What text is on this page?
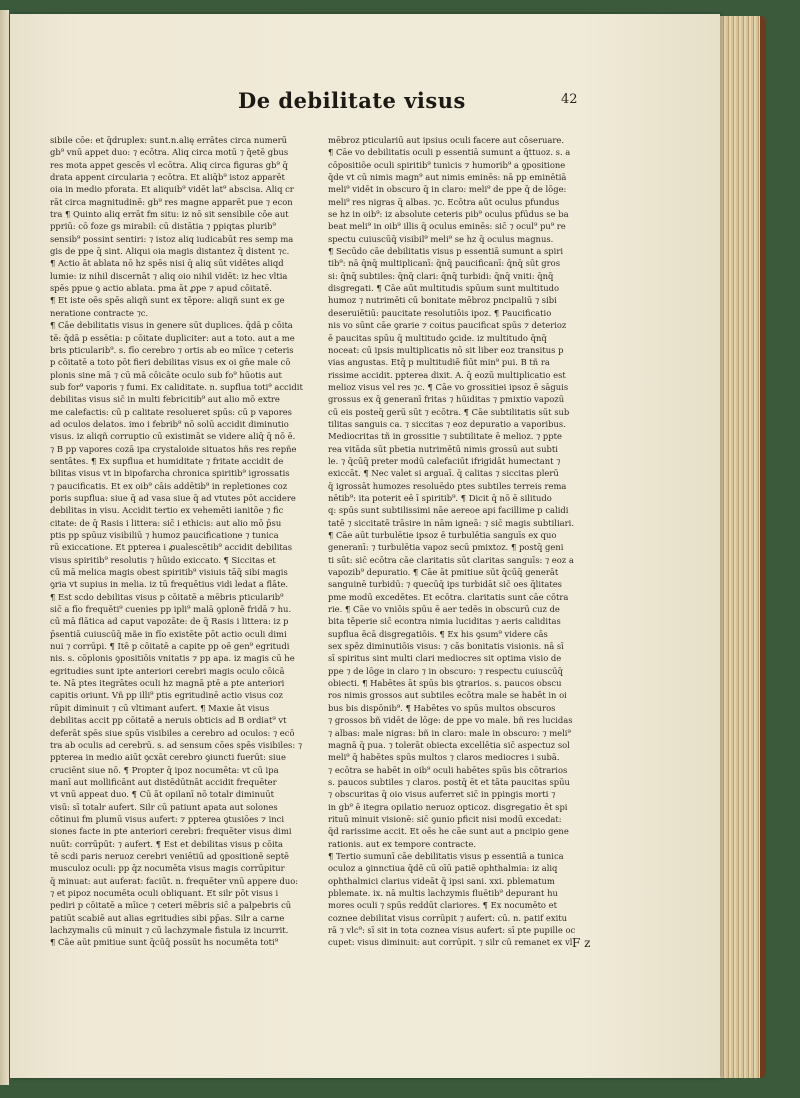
De debilitate visus	42
sibile cōe: et q̄druplex: sunt.n.alię errātes circa numerū
gb⁹ vnū appet duo: ⁊ ecōtra. Aliq circa motū ⁊ q̄etē gbus
res mota appet gescēs vl ecōtra. Aliq circa figuras gb⁹ q̄
drata appent circularia ⁊ ecōtra. Et aliq̄b⁹ istoz apparēt
oia in medio pforata. Et aliquib⁹ vidēt lat⁹ abscisa. Aliq cr
rāt circa magnitudinē: gb⁹ res magne apparēt pue ⁊ econ
tra ¶ Quinto aliq errāt fm situ: iz nō sit sensibile cōe aut
ppriū: cō foze gs mirabil: cū distātia ⁊ ppiqtas plurib⁹
sensib⁹ possint sentiri: ⁊ istoz aliq iudicabūt res semp ma
gis de ppe q̄ sint. Aliqui oia magis distantez q̄ distent ⁊c.
¶ Actio āt ablata nō hz spēs nisi q̄ aliq sūt vidētes aliqd
lumie: iz nihil discernāt ⁊ aliq oio nihil vidēt: iz hec vltia
spēs ppue ꝯ actio ablata. pma āt ꝓpe ⁊ apud cōitatē.
¶ Et iste oēs spēs aliqñ sunt ex tēpore: aliqñ sunt ex ge
neratione contracte ⁊c.
¶ Cāe debilitatis visus in genere sūt duplices. q̄dā p cōita
tē: q̄dā p essētia: p cōitate dupliciter: aut a toto. aut a me
bris pticularib⁹. s. fīo cerebro ⁊ ortis ab eo mīice ⁊ ceteris
p cōitatē a toto pōt fieri debilitas visus ex oi gn̄e male cō
plonis sine mā ⁊ cū mā cōicāte oculo sub fo⁹ hūotis aut
sub for⁹ vaporis ⁊ fumi. Ex caliditate. n. supflua toti⁹ accidit
debilitas visus sic̄ in multi febricitib⁹ aut alio mō extre
me calefactis: cū p calitate resolueret spūs: cū p vapores
ad oculos delatos. imo i febrib⁹ nō solū accidit diminutio
visus. iz aliqñ corruptio cū existimāt se videre aliq̄ q̄ nō ē.
⁊ B pp vapores cozā ipa crystaloide situatos hñs res repñe
sentātes. ¶ Ex supflua et humiditate ⁊ fritate accidit de
bilitas visus vt in bipofarcha chronica spiritib⁹ igrossatis
⁊ paucificatis. Et ex oib⁹ cāis addētib⁹ in repletiones coz
poris supflua: siue q̄ ad vasa siue q̄ ad vtutes pōt accidere
debilitas in visu. Accidit tertio ex vehemēti ianitōe ⁊ fic
citate: de q̄ Rasis i littera: sic̄ i ethicis: aut alio mō p̄su
ptis pp spūuz visibiliū ⁊ humoz paucificatione ⁊ tunica
rū exiccatione. Et ppterea i ꝓualescētib⁹ accidit debilitas
visus spiritib⁹ resolutis ⁊ hūido exiccato. ¶ Siccitas et
cū mā melica magis obest spiritib⁹ visiuis tāq̄ sibi magis
ꝯria vt supius in melia. iz tū frequētius vidi ledat a flāte.
¶ Est scdo debilitas visus p cōitatē a mēbris pticularib⁹
sic̄ a fīo frequēti⁹ cuenies pp ipli⁹ malā ꝯplonē fridā ⁊ hu.
cū mā flātica ad caput vapozāte: de q̄ Rasis i littera: iz p
p̄sentiā cuiuscūq̄ mãe in fīo existēte pōt actio oculi dimi
nui ⁊ corrūpi. ¶ Itē p cōitatē a capite pp oē gen⁹ egritudi
nis. s. cōplonis ꝯpositiōis vnitatis ⁊ pp apa. iz magis cū he
egritudies sunt ipte anteriori cerebri magis oculo cōicā
te. Nā ptes itegrātes oculi hz magnā ptē a pte anteriori
capitis oriunt. Vñ pp illi⁹ ptis egritudinē actio visus coz
rūpit diminuit ⁊ cū vltimant aufert. ¶ Maxie āt visus
debilitas accit pp cōitatē a neruis obticis ad B ordiat⁹ vt
deferāt spēs siue spūs visibiles a cerebro ad oculos: ⁊ ecō
tra ab oculis ad cerebrū. s. ad sensum cōes spēs visibiles: ⁊
ppterea in medio aiūt ꝯcxāt cerebro ꝯiuncti fuerūt: siue
cruciēnt siue nō. ¶ Propter q̄ ipoz nocumēta: vt cū ipa
manī aut mollificānt aut distēdūtnāt accidit frequēter
vt vnū appeat duo. ¶ Cū āt opilanī nō totalr diminuūt
visū: sī totalr aufert. Silr cū patiunt apata aut solones
cōtinui fm plumū visus aufert: ⁊ ppterea ꝯtusiōes ⁊ inci
siones facte in pte anteriori cerebri: frequēter visus dimi
nuūt: corrūpūt: ⁊ aufert. ¶ Est et debilitas visus p cōita
tē scdi paris neruoz cerebri veniētiū ad ꝯpositionē septē
musculoz oculi: pp q̄z nocumēta visus magis corrūpitur
q̄ minuat: aut auferat: faciūt. n. frequēter vnū appere duo:
⁊ et pipoz nocumēta oculi obliquant. Et silr pōt visus i
pediri p cōitatē a mīice ⁊ ceteri mēbris sic̄ a palpebris cū
patiūt scabiē aut alias egritudies sibi pp̄as. Silr a carne
lachzymalis cū minuit ⁊ cū lachzymale fistula iz incurrit.
¶ Cāe aūt pmitiue sunt q̄cūq̄ possūt hs nocumēta toti⁹
mēbroz pticulariū aut ipsius oculi facere aut cōseruare.
¶ Cāe vo debilitatis oculi p essentiā sumunt a q̄ttuoz. s. a
cōpositiōe oculi spiritib⁹ tunicis ⁊ humorib⁹ a ꝯpositione
q̄de vt cū nimis magn⁹ aut nimis eminēs: nā pp eminētiā
meli⁹ vidēt in obscuro q̄ in claro: meli⁹ de ppe q̄ de lōge:
meli⁹ res nigras q̄ albas. ⁊c. Ecōtra aūt oculus pfundus
se hz in oib⁹: iz absolute ceteris pib⁹ oculus pfūdus se ba
beat meli⁹ in oib⁹ illis q̄ oculus eminēs: sic̄ ⁊ ocul⁹ pu⁹ re
spectu cuiuscūq̄ visibil⁹ meli⁹ se hz q̄ oculus magnus.
¶ Secūdo cāe debilitatis visus p essentiā sumunt a spiri
tib⁹: nā q̄nq̄ multiplicanī: q̄nq̄ paucificanī: q̄nq̄ sūt gros
si: q̄nq̄ subtiles: q̄nq̄ clari: q̄nq̄ turbidi: q̄nq̄ vniti: q̄nq̄
disgregati. ¶ Cāe aūt multitudis spūum sunt multitudo
humoz ⁊ nutrimēti cū bonitate mēbroz pncipaliū ⁊ sibi
deseruiētiū: paucitate resolutiōis ipoz. ¶ Paucificatio
nis vo sūnt cāe ꝯrarie ⁊ coitus paucificat spūs ⁊ deterioz
ē paucitas spūu q̄ multitudo ꝯcide. iz multitudo q̄nq̄
noceat: cū ipsis multiplicatis nō sit liber eoz transitus p
vias angustas. Etq̄ p multitudiē fiūt min⁹ pui. B tñ ra
rissime accidit. ppterea dixit. A. q̄ eozū multiplicatio est
melioz visus vel res ⁊c. ¶ Cāe vo grossitiei ipsoz ē sāguis
grossus ex q̄ generanī fritas ⁊ hūiditas ⁊ pmixtio vapozū
cū eis posteq̄ gerū sūt ⁊ ecōtra. ¶ Cāe subtilitatis sūt sub
tilitas sanguis ca. ⁊ siccitas ⁊ eoz depuratio a vaporibus.
Mediocritas tñ in grossitie ⁊ subtilitate ē melioz. ⁊ ppte
rea vitāda sūt pbetia nutrimētū nimis grossū aut subti
le. ⁊ q̄cūq̄ preter modū calefaciūt ifrigidāt humectant ⁊
exiccāt. ¶ Nec valet si arguaī. q̄ calitas ⁊ siccitas plerū
q̄ igrossāt humozes resoluēdo ptes subtiles terreis rema
nētib⁹: ita poterit eē ī spiritib⁹. ¶ Dicit q̄ nō ē silitudo
q: spūs sunt subtilissimi nāe aereoe api facillime p calidi
tatē ⁊ siccitatē trāsire in nām igneā: ⁊ sic̄ magis subtiliari.
¶ Cāe aūt turbulētie ipsoz ē turbulētia sanguīs ex quo
generanī: ⁊ turbulētia vapoz secū pmixtoz. ¶ postq̄ geni
ti sūt: sic̄ ecōtra cāe claritatis sūt claritas sanguīs: ⁊ eoz a
vapozib⁹ depuratio. ¶ Cāe āt pmitiue sūt q̄cūq̄ generāt
sanguinē turbidū: ⁊ quecūq̄ ips turbidāt sic̄ oes q̄litates
pme modū excedētes. Et ecōtra. claritatis sunt cāe cōtra
rie. ¶ Cāe vo vniōis spūu ē aer tedēs in obscurū cuz de
bita tēperie sic̄ econtra nimia luciditas ⁊ aeris caliditas
supflua ēcā disgregatiōis. ¶ Ex his ꝯsum⁹ videre cās
sex spēz diminutiōis visus: ⁊ cās bonitatis visionis. nā sī
sī spiritus sint multi clari mediocres sit optima visio de
ppe ⁊ de lōge in claro ⁊ in obscuro: ⁊ respectu cuiuscūq̄
obiecti. ¶ Habētes āt spūs bis ꝯtrarios. s. paucos obscu
ros nimis grossos aut subtiles ecōtra male se habēt in oi
bus bis dispōnib⁹. ¶ Habētes vo spūs multos obscuros
⁊ grossos bñ vidēt de lōge: de ppe vo male. bñ res lucidas
⁊ albas: male nigras: bñ in claro: male in obscuro: ⁊ meli⁹
magnā q̄ pua. ⁊ tolerāt obiecta excellētia sic̄ aspectuz sol
meli⁹ q̄ habētes spūs multos ⁊ claros mediocres i subā.
⁊ ecōtra se habēt in oib⁹ oculi habētes spūs bis cōtrarios
s. paucos subtiles ⁊ claros. postq̄ ēt et tāta paucitas spūu
⁊ obscuritas q̄ oio visus auferret sic̄ in ppingis morti ⁊
in gb⁹ ē itegra opilatio neruoz opticoz. disgregatio ēt spi
rituū minuit visionē: sic̄ ꝯunio pficit nisi modū excedat:
q̄d rarissime accit. Et oēs he cāe sunt aut a pncipio gene
rationis. aut ex tempore contracte.
¶ Tertio sumunī cāe debilitatis visus p essentiā a tunica
oculoz a ꝯinnctiua q̄dē cū oīū patiē ophthalmia: iz aliq
ophthalmici clarius videāt q̄ ipsi sani. xxi. pblematum
pblemate. ix. nā multis lachzymis fluētib⁹ depurant hu
mores oculi ⁊ spūs reddūt clariores. ¶ Ex nocumēto et
coznee debilitat visus corrūpit ⁊ aufert: cū. n. patif exitu
rā ⁊ vlc⁹: sī sit in tota coznea visus aufert: sī pte pupille oc
cupet: visus diminuit: aut corrūpit. ⁊ silr cū remanet ex vl F z
